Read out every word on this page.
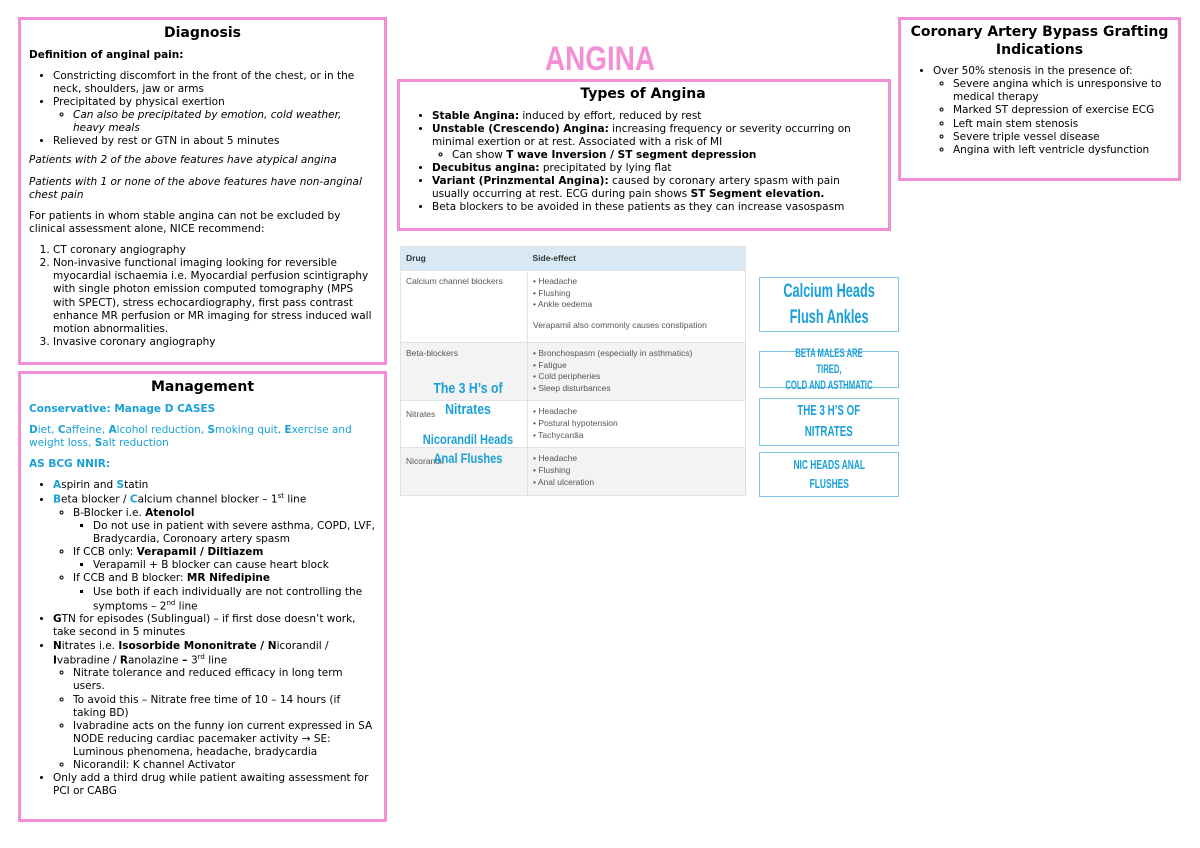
ANGINA
Diagnosis

Definition of anginal pain:

• Constricting discomfort in the front of the chest, or in the neck, shoulders, jaw or arms
• Precipitated by physical exertion
◦ Can also be precipitated by emotion, cold weather, heavy meals
• Relieved by rest or GTN in about 5 minutes

Patients with 2 of the above features have atypical angina

Patients with 1 or none of the above features have non-anginal chest pain

For patients in whom stable angina can not be excluded by clinical assessment alone, NICE recommend:

1. CT coronary angiography
2. Non-invasive functional imaging looking for reversible myocardial ischaemia i.e. Myocardial perfusion scintigraphy with single photon emission computed tomography (MPS with SPECT), stress echocardiography, first pass contrast enhance MR perfusion or MR imaging for stress induced wall motion abnormalities.
3. Invasive coronary angiography
Management

Conservative: Manage D CASES

Diet, Caffeine, Alcohol reduction, Smoking quit, Exercise and weight loss, Salt reduction

AS BCG NNIR:

• Aspirin and Statin
• Beta blocker / Calcium channel blocker – 1st line
◦ B-Blocker i.e. Atenolol
▪ Do not use in patient with severe asthma, COPD, LVF, Bradycardia, Coronoary artery spasm
◦ If CCB only: Verapamil / Diltiazem
▪ Verapamil + B blocker can cause heart block
◦ If CCB and B blocker: MR Nifedipine
▪ Use both if each individually are not controlling the symptoms – 2nd line
• GTN for episodes (Sublingual) – if first dose doesn’t work, take second in 5 minutes
• Nitrates i.e. Isosorbide Mononitrate / Nicorandil / Ivabradine / Ranolazine – 3rd line
◦ Nitrate tolerance and reduced efficacy in long term users.
◦ To avoid this – Nitrate free time of 10 – 14 hours (if taking BD)
◦ Ivabradine acts on the funny ion current expressed in SA NODE reducing cardiac pacemaker activity → SE: Luminous phenomena, headache, bradycardia
◦ Nicorandil: K channel Activator
• Only add a third drug while patient awaiting assessment for PCI or CABG
Types of Angina
• Stable Angina: induced by effort, reduced by rest
• Unstable (Crescendo) Angina: increasing frequency or severity occurring on minimal exertion or at rest. Associated with a risk of MI
◦ Can show T wave Inversion / ST segment depression
• Decubitus angina: precipitated by lying flat
• Variant (Prinzmental Angina): caused by coronary artery spasm with pain usually occurring at rest. ECG during pain shows ST Segment elevation.
• Beta blockers to be avoided in these patients as they can increase vasospasm
Coronary Artery Bypass Grafting Indications
• Over 50% stenosis in the presence of:
◦ Severe angina which is unresponsive to medical therapy
◦ Marked ST depression of exercise ECG
◦ Left main stem stenosis
◦ Severe triple vessel disease
◦ Angina with left ventricle dysfunction
Drug	Side-effect
Calcium channel blockers	• Headache
• Flushing
• Ankle oedema
Verapamil also commonly causes constipation

Beta-blockers	• Bronchospasm (especially in asthmatics)
• Fatigue
• Cold peripheries
• Sleep disturbances

Nitrates	• Headache
• Postural hypotension
• Tachycardia

Nicorandil	• Headache
• Flushing
• Anal ulceration
The 3 H’s of
Nitrates
Nicorandil Heads
Anal Flushes
Calcium Heads
Flush Ankles
BETA MALES ARE TIRED,
COLD AND ASTHMATIC
THE 3 H’S OF
NITRATES
NIC HEADS ANAL
FLUSHES
